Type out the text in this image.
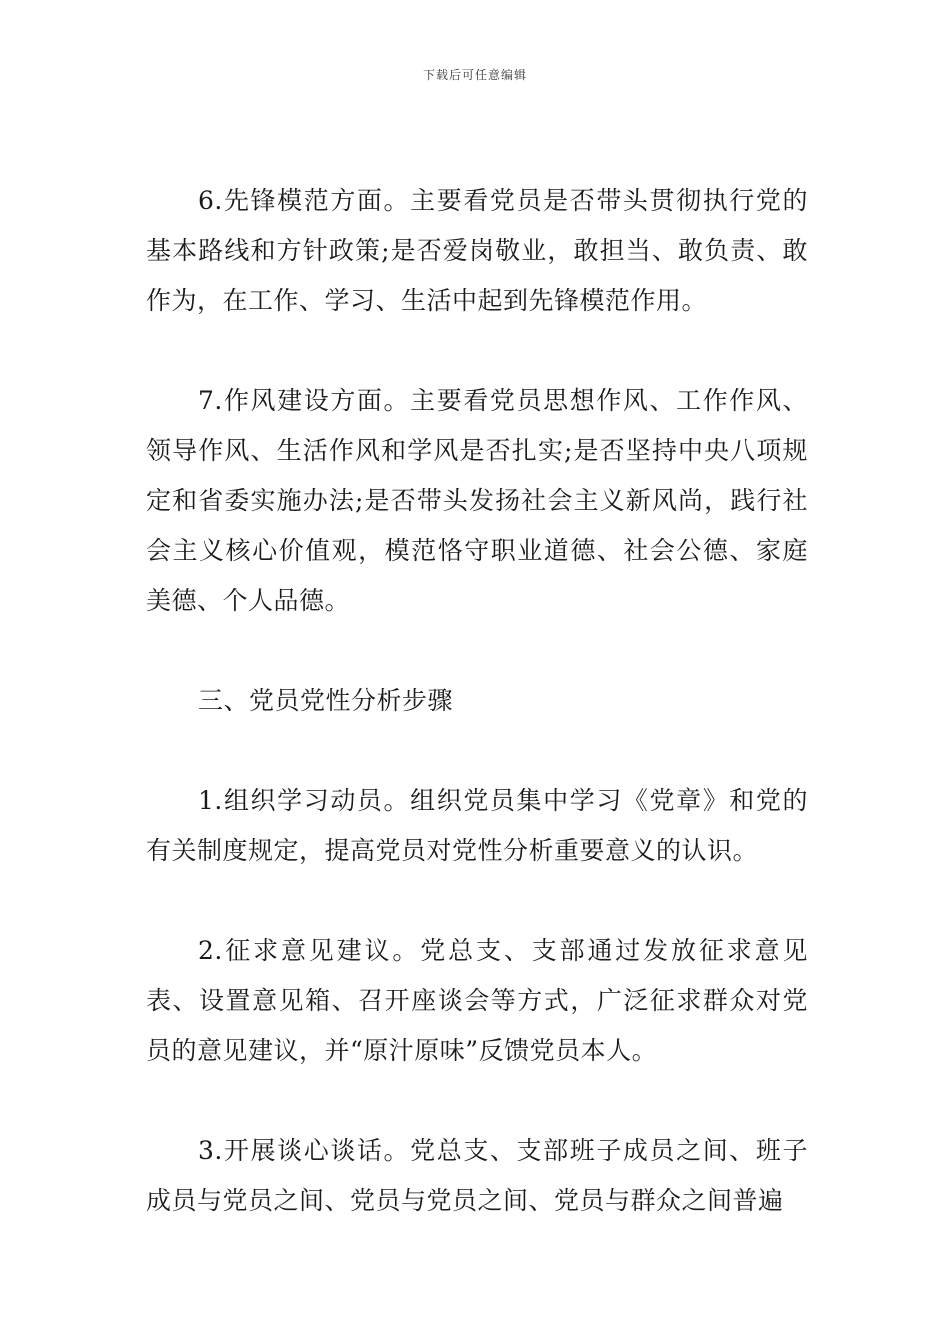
下载后可任意编辑

6.先锋模范方面。主要看党员是否带头贯彻执行党的基本路线和方针政策;是否爱岗敬业，敢担当、敢负责、敢作为，在工作、学习、生活中起到先锋模范作用。

7.作风建设方面。主要看党员思想作风、工作作风、领导作风、生活作风和学风是否扎实;是否坚持中央八项规定和省委实施办法;是否带头发扬社会主义新风尚，践行社会主义核心价值观，模范恪守职业道德、社会公德、家庭美德、个人品德。

三、党员党性分析步骤

1.组织学习动员。组织党员集中学习《党章》和党的有关制度规定，提高党员对党性分析重要意义的认识。

2.征求意见建议。党总支、支部通过发放征求意见表、设置意见箱、召开座谈会等方式，广泛征求群众对党员的意见建议，并“原汁原味”反馈党员本人。

3.开展谈心谈话。党总支、支部班子成员之间、班子成员与党员之间、党员与党员之间、党员与群众之间普遍
